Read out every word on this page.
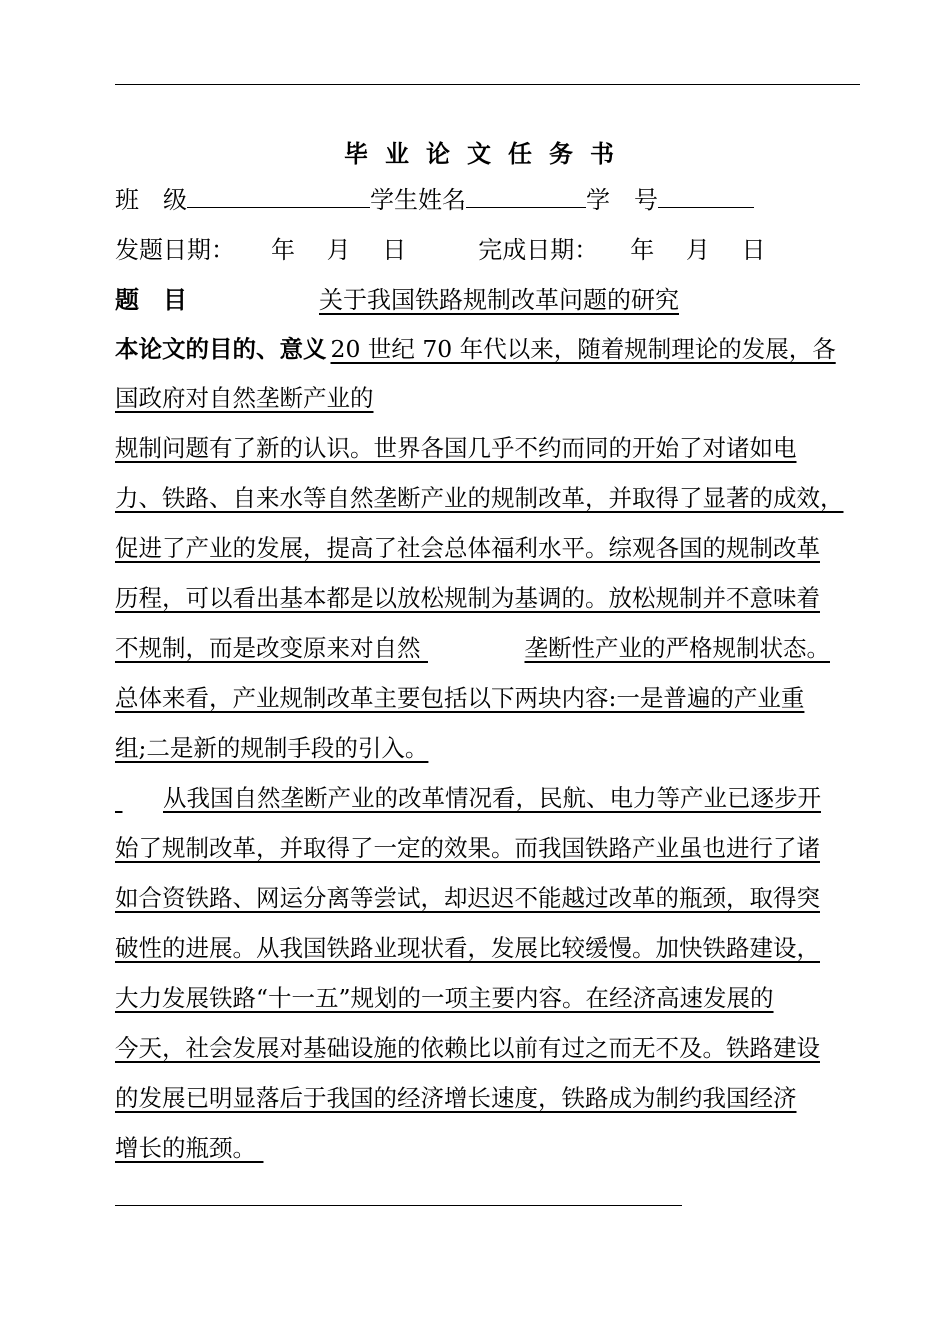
毕业论文任务书
班　级	学生姓名	学　号
发题日期： 年　 月　 日	完成日期： 年　 月　 日
题　目	关于我国铁路规制改革问题的研究
本论文的目的、意义 20 世纪 70 年代以来，随着规制理论的发展，各
国政府对自然垄断产业的
规制问题有了新的认识。世界各国几乎不约而同的开始了对诸如电
力、铁路、自来水等自然垄断产业的规制改革，并取得了显著的成效，
促进了产业的发展，提高了社会总体福利水平。综观各国的规制改革
历程，可以看出基本都是以放松规制为基调的。放松规制并不意味着
不规制，而是改变原来对自然	垄断性产业的严格规制状态。
总体来看，产业规制改革主要包括以下两块内容:一是普遍的产业重
组;二是新的规制手段的引入。
从我国自然垄断产业的改革情况看，民航、电力等产业已逐步开
始了规制改革，并取得了一定的效果。而我国铁路产业虽也进行了诸
如合资铁路、网运分离等尝试，却迟迟不能越过改革的瓶颈，取得突
破性的进展。从我国铁路业现状看，发展比较缓慢。加快铁路建设，
大力发展铁路“十一五”规划的一项主要内容。在经济高速发展的
今天，社会发展对基础设施的依赖比以前有过之而无不及。铁路建设
的发展已明显落后于我国的经济增长速度，铁路成为制约我国经济
增长的瓶颈。
